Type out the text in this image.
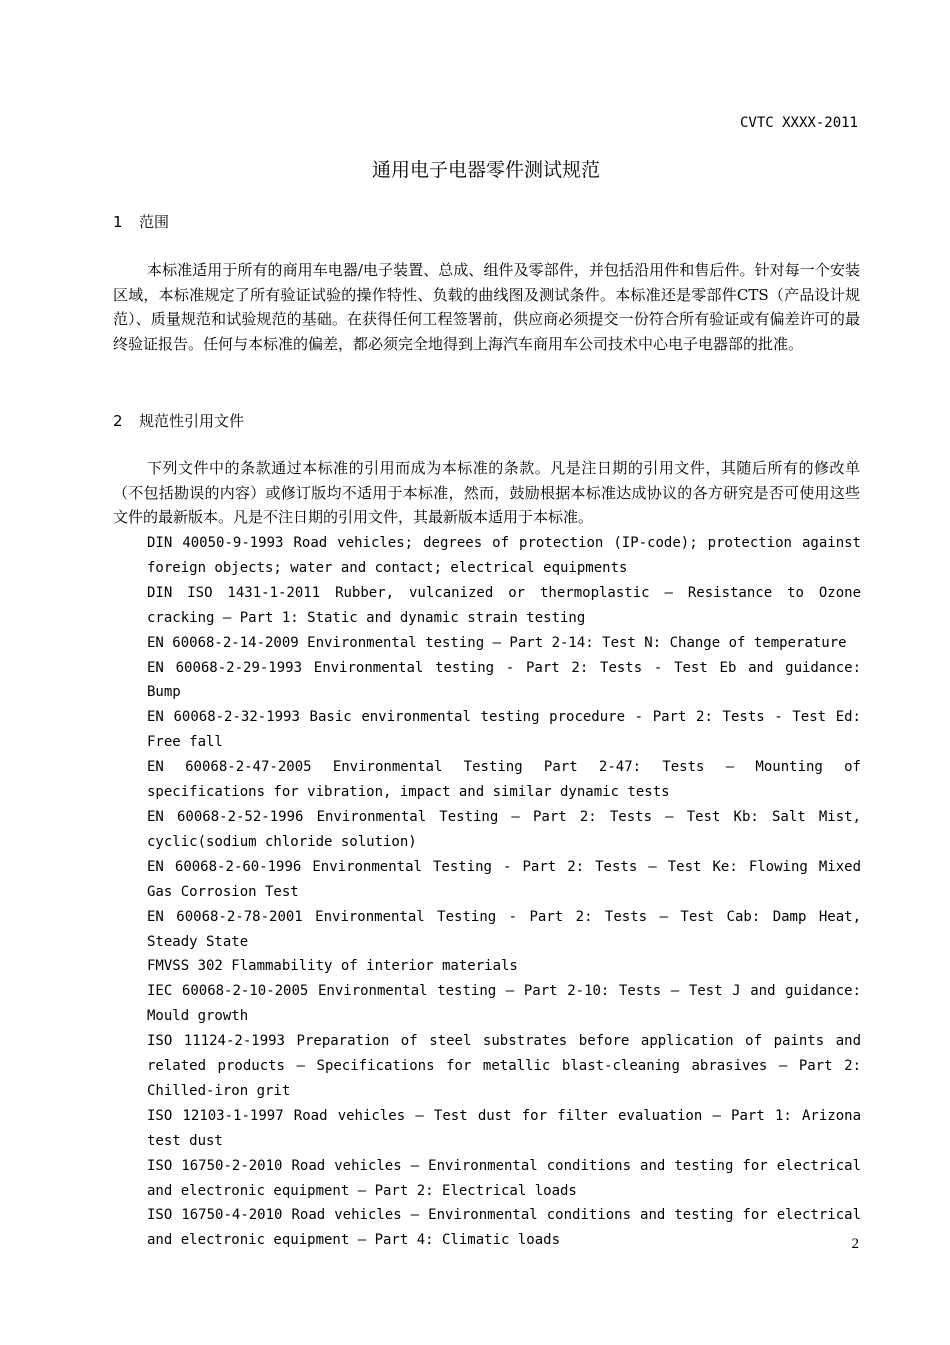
CVTC XXXX-2011
通用电子电器零件测试规范
1 范围
本标准适用于所有的商用车电器/电子装置、总成、组件及零部件，并包括沿用件和售后件。针对每一个安装区域，本标准规定了所有验证试验的操作特性、负载的曲线图及测试条件。本标准还是零部件CTS（产品设计规范）、质量规范和试验规范的基础。在获得任何工程签署前，供应商必须提交一份符合所有验证或有偏差许可的最终验证报告。任何与本标准的偏差，都必须完全地得到上海汽车商用车公司技术中心电子电器部的批准。
2 规范性引用文件
下列文件中的条款通过本标准的引用而成为本标准的条款。凡是注日期的引用文件，其随后所有的修改单（不包括勘误的内容）或修订版均不适用于本标准，然而，鼓励根据本标准达成协议的各方研究是否可使用这些文件的最新版本。凡是不注日期的引用文件，其最新版本适用于本标准。
DIN 40050-9-1993 Road vehicles; degrees of protection (IP-code); protection against foreign objects; water and contact; electrical equipments
DIN ISO 1431-1-2011 Rubber, vulcanized or thermoplastic – Resistance to Ozone cracking – Part 1: Static and dynamic strain testing
EN 60068-2-14-2009 Environmental testing – Part 2-14: Test N: Change of temperature
EN 60068-2-29-1993 Environmental testing - Part 2: Tests - Test Eb and guidance: Bump
EN 60068-2-32-1993 Basic environmental testing procedure - Part 2: Tests - Test Ed: Free fall
EN 60068-2-47-2005 Environmental Testing Part 2-47: Tests – Mounting of specifications for vibration, impact and similar dynamic tests
EN 60068-2-52-1996 Environmental Testing – Part 2: Tests – Test Kb: Salt Mist, cyclic(sodium chloride solution)
EN 60068-2-60-1996 Environmental Testing - Part 2: Tests – Test Ke: Flowing Mixed Gas Corrosion Test
EN 60068-2-78-2001 Environmental Testing - Part 2: Tests – Test Cab: Damp Heat, Steady State
FMVSS 302 Flammability of interior materials
IEC 60068-2-10-2005 Environmental testing – Part 2-10: Tests – Test J and guidance: Mould growth
ISO 11124-2-1993 Preparation of steel substrates before application of paints and related products – Specifications for metallic blast-cleaning abrasives – Part 2: Chilled-iron grit
ISO 12103-1-1997 Road vehicles – Test dust for filter evaluation – Part 1: Arizona test dust
ISO 16750-2-2010 Road vehicles – Environmental conditions and testing for electrical and electronic equipment – Part 2: Electrical loads
ISO 16750-4-2010 Road vehicles – Environmental conditions and testing for electrical and electronic equipment – Part 4: Climatic loads	2
